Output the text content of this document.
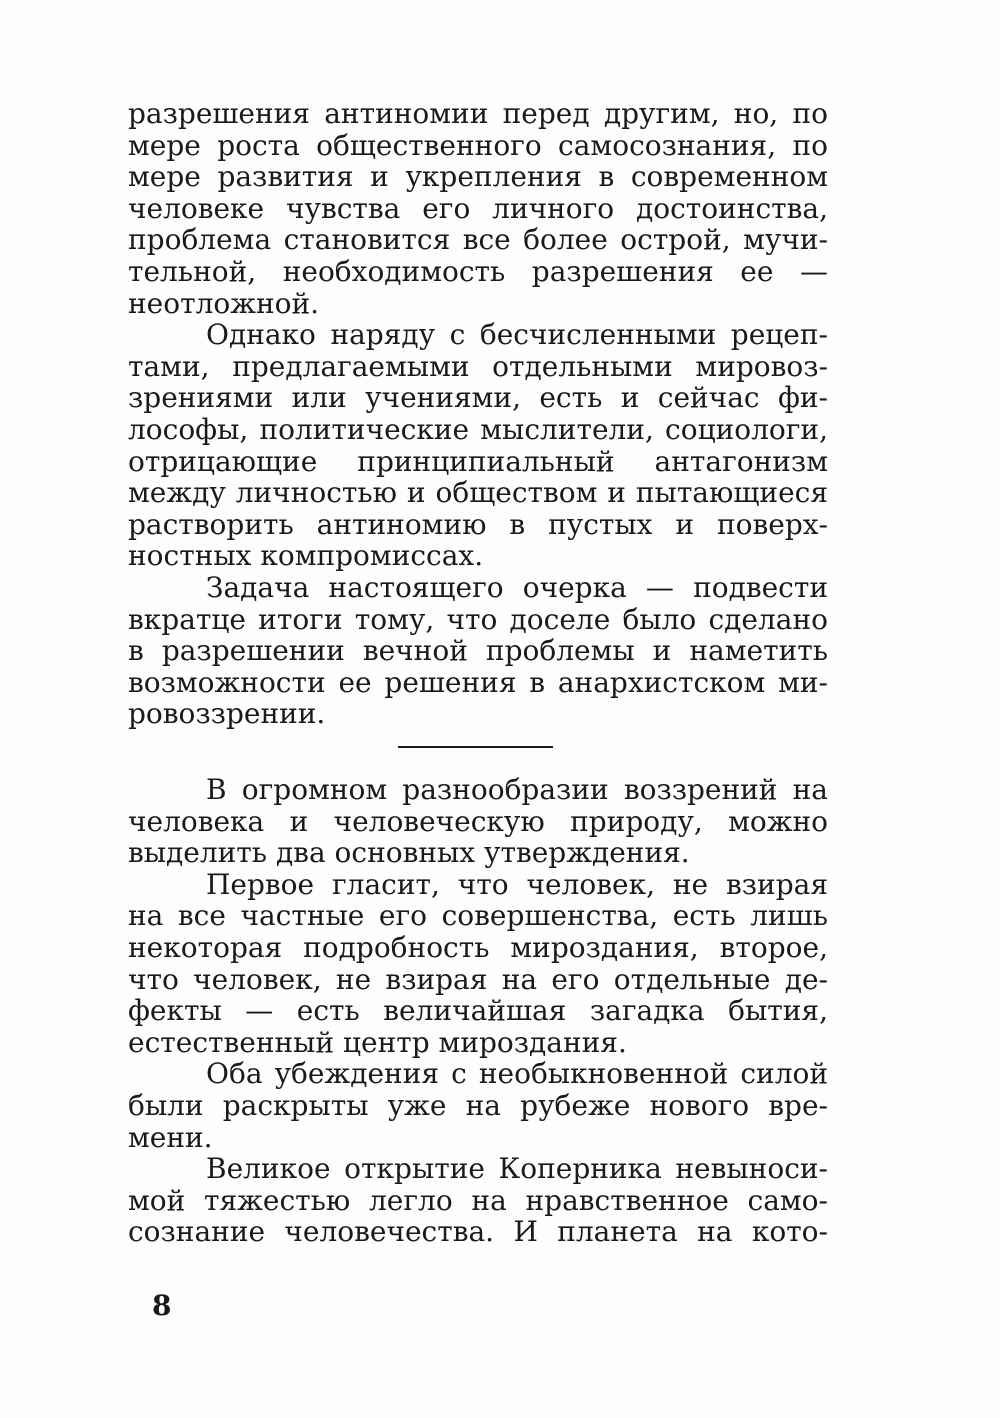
разрешения антиномии перед другим, но, по
мере роста общественного самосознания, по
мере развития и укрепления в современном
человеке чувства его личного достоинства,
проблема становится все более острой, мучи-
тельной, необходимость разрешения ее —
неотложной.
Однако наряду с бесчисленными рецеп-
тами, предлагаемыми отдельными мировоз-
зрениями или учениями, есть и сейчас фи-
лософы, политические мыслители, социологи,
отрицающие принципиальный антагонизм
между личностью и обществом и пытающиеся
растворить антиномию в пустых и поверх-
ностных компромиссах.
Задача настоящего очерка — подвести
вкратце итоги тому, что доселе было сделано
в разрешении вечной проблемы и наметить
возможности ее решения в анархистском ми-
ровоззрении.
В огромном разнообразии воззрений на
человека и человеческую природу, можно
выделить два основных утверждения.
Первое гласит, что человек, не взирая
на все частные его совершенства, есть лишь
некоторая подробность мироздания, второе,
что человек, не взирая на его отдельные де-
фекты — есть величайшая загадка бытия,
естественный центр мироздания.
Оба убеждения с необыкновенной силой
были раскрыты уже на рубеже нового вре-
мени.
Великое открытие Коперника невыноси-
мой тяжестью легло на нравственное само-
сознание человечества. И планета на кото-
8
